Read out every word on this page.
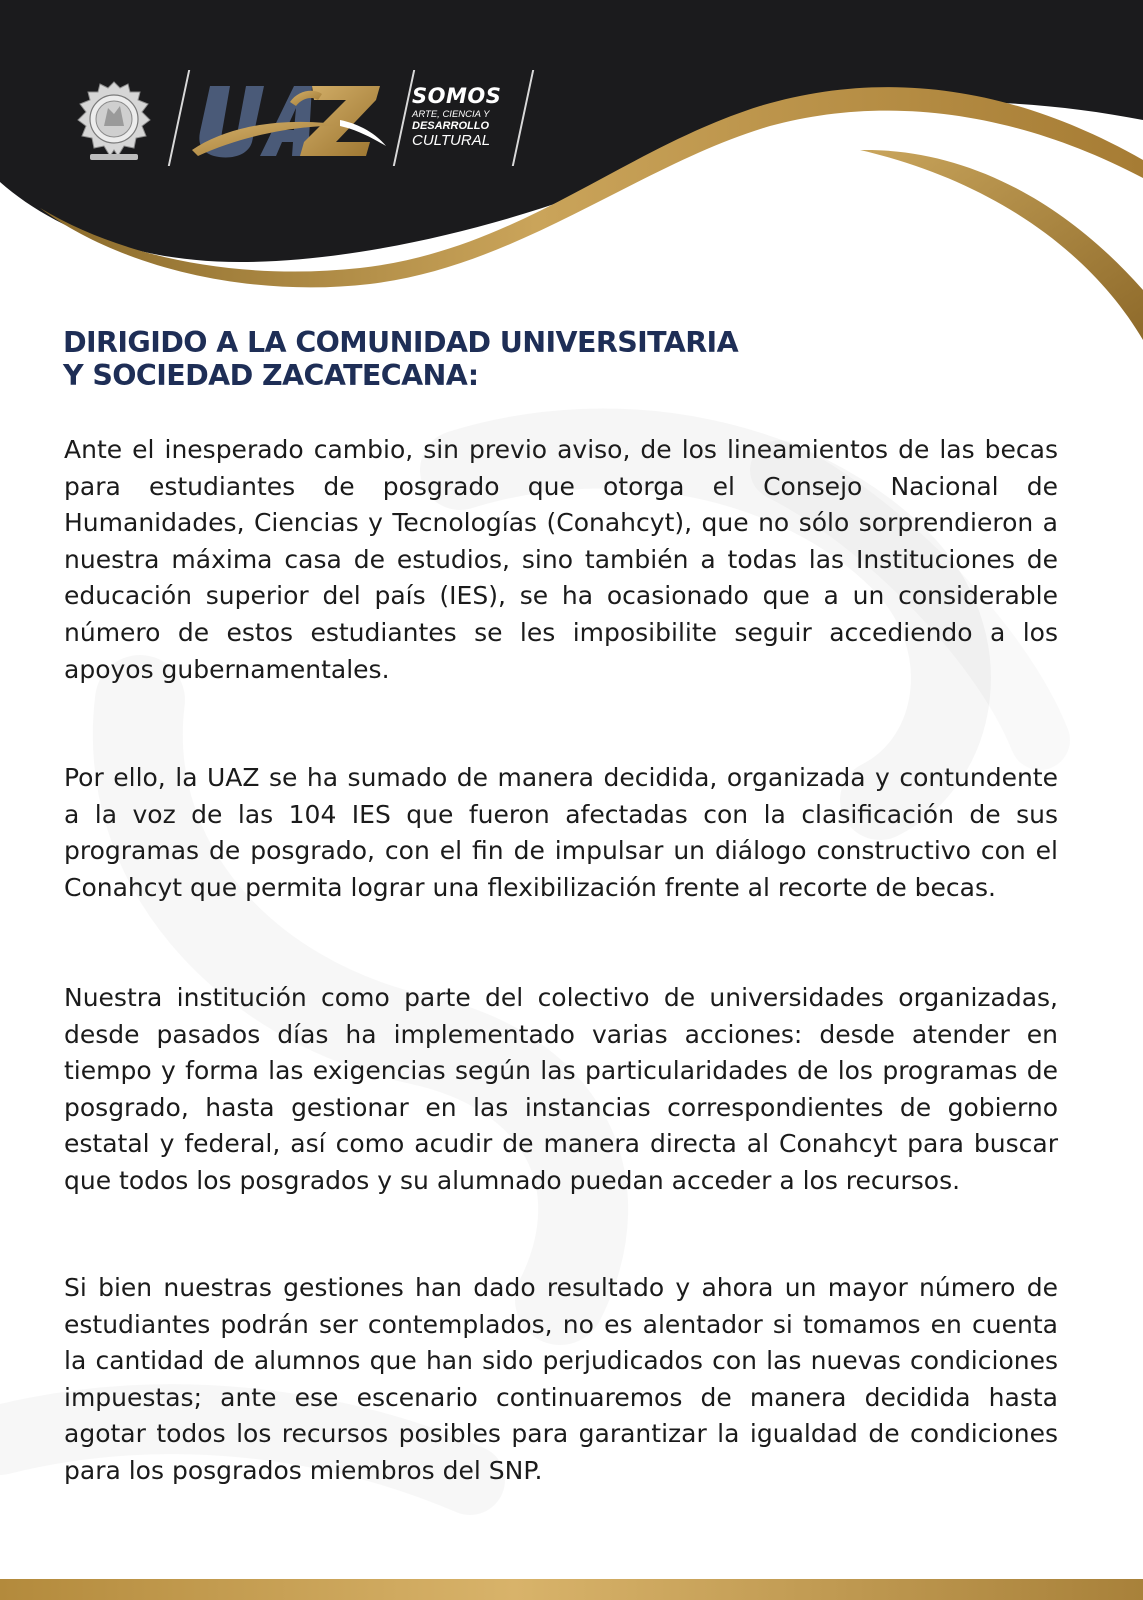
SOMOS
ARTE, CIENCIA Y
DESARROLLO
CULTURAL
DIRIGIDO A LA COMUNIDAD UNIVERSITARIA
Y SOCIEDAD ZACATECANA:

Ante el inesperado cambio, sin previo aviso, de los lineamientos de las becas para estudiantes de posgrado que otorga el Consejo Nacional de Humanidades, Ciencias y Tecnologías (Conahcyt), que no sólo sorprendieron a nuestra máxima casa de estudios, sino también a todas las Instituciones de educación superior del país (IES), se ha ocasionado que a un considerable número de estos estudiantes se les imposibilite seguir accediendo a los apoyos gubernamentales.

Por ello, la UAZ se ha sumado de manera decidida, organizada y contundente a la voz de las 104 IES que fueron afectadas con la clasificación de sus programas de posgrado, con el fin de impulsar un diálogo constructivo con el Conahcyt que permita lograr una flexibilización frente al recorte de becas.

Nuestra institución como parte del colectivo de universidades organizadas, desde pasados días ha implementado varias acciones: desde atender en tiempo y forma las exigencias según las particularidades de los programas de posgrado, hasta gestionar en las instancias correspondientes de gobierno estatal y federal, así como acudir de manera directa al Conahcyt para buscar que todos los posgrados y su alumnado puedan acceder a los recursos.

Si bien nuestras gestiones han dado resultado y ahora un mayor número de estudiantes podrán ser contemplados, no es alentador si tomamos en cuenta la cantidad de alumnos que han sido perjudicados con las nuevas condiciones impuestas; ante ese escenario continuaremos de manera decidida hasta agotar todos los recursos posibles para garantizar la igualdad de condiciones para los posgrados miembros del SNP.
